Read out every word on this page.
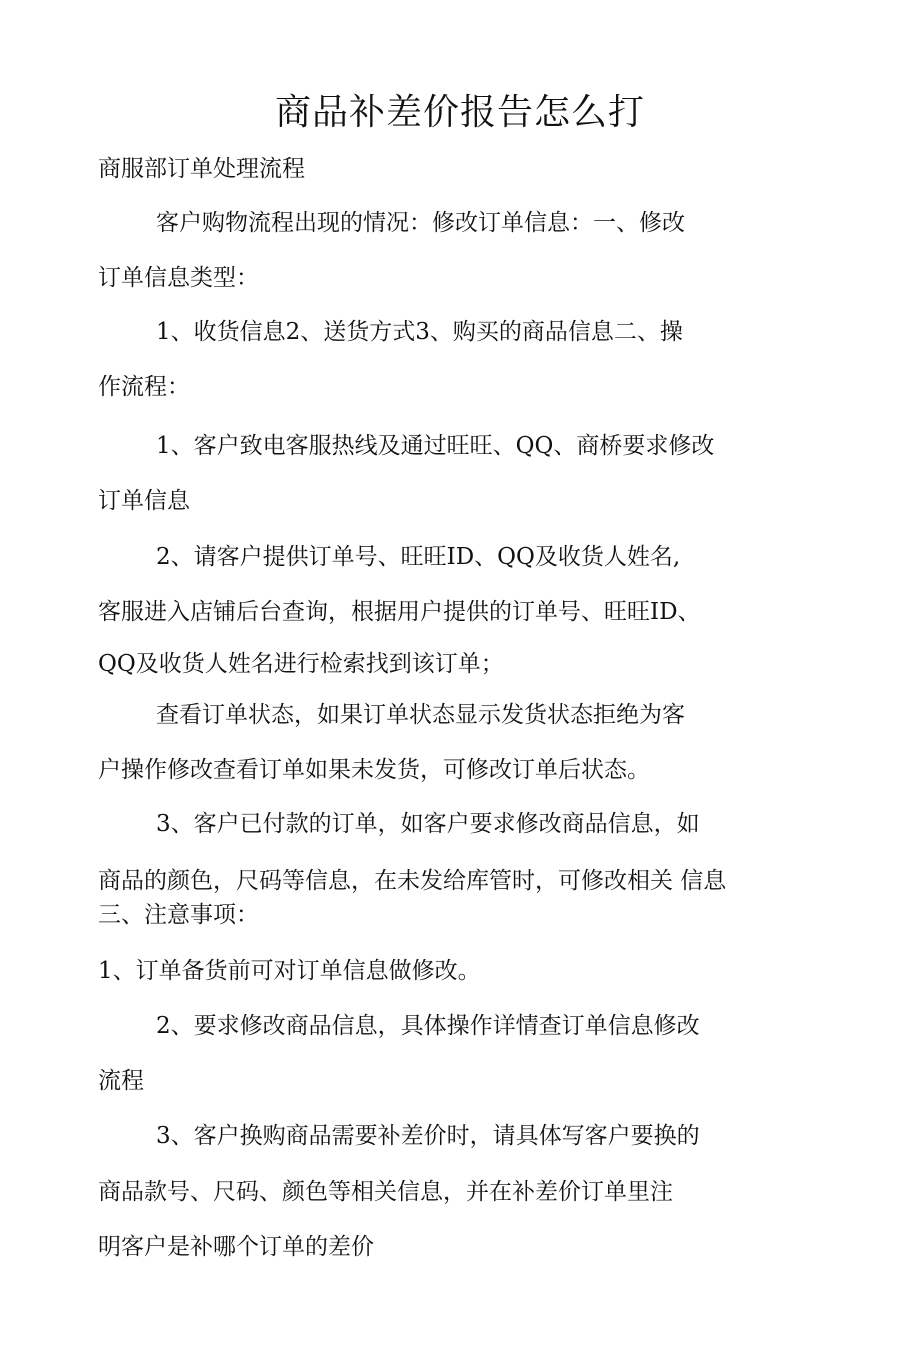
商品补差价报告怎么打
商服部订单处理流程
客户购物流程出现的情况：修改订单信息：一、修改
订单信息类型：
1、收货信息2、送货方式3、购买的商品信息二、操
作流程：
1、客户致电客服热线及通过旺旺、QQ、商桥要求修改
订单信息
2、请客户提供订单号、旺旺ID、QQ及收货人姓名,
客服进入店铺后台查询，根据用户提供的订单号、旺旺ID、
QQ及收货人姓名进行检索找到该订单；
查看订单状态，如果订单状态显示发货状态拒绝为客
户操作修改查看订单如果未发货，可修改订单后状态。
3、客户已付款的订单，如客户要求修改商品信息，如
商品的颜色，尺码等信息，在未发给库管时，可修改相关 信息
三、注意事项：
1、订单备货前可对订单信息做修改。
2、要求修改商品信息，具体操作详情查订单信息修改
流程
3、客户换购商品需要补差价时，请具体写客户要换的
商品款号、尺码、颜色等相关信息，并在补差价订单里注
明客户是补哪个订单的差价
